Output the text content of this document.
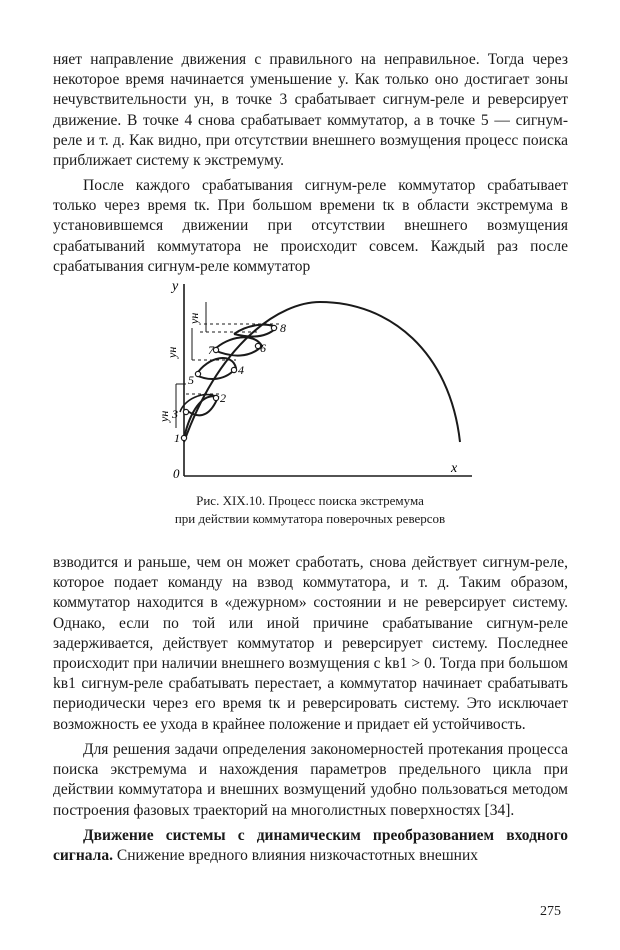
няет направление движения с правильного на неправильное. Тогда через некоторое время начинается уменьшение y. Как только оно достигает зоны нечувствительности yн, в точке 3 срабатывает сигнум-реле и реверсирует движение. В точке 4 снова срабатывает коммутатор, а в точке 5 — сигнум-реле и т. д. Как видно, при отсутствии внешнего возмущения процесс поиска приближает систему к экстремуму.

После каждого срабатывания сигнум-реле коммутатор срабатывает только через время tк. При большом времени tк в области экстремума в установившемся движении при отсутствии внешнего возмущения срабатываний коммутатора не происходит совсем. Каждый раз после срабатывания сигнум-реле коммутатор

y
x
0
yн
yн
yн
1
2
3
4
5
6
7
8
Рис. XIX.10. Процесс поиска экстремума
при действии коммутатора поверочных реверсов

взводится и раньше, чем он может сработать, снова действует сигнум-реле, которое подает команду на взвод коммутатора, и т. д. Таким образом, коммутатор находится в «дежурном» состоянии и не реверсирует систему. Однако, если по той или иной причине срабатывание сигнум-реле задерживается, действует коммутатор и реверсирует систему. Последнее происходит при наличии внешнего возмущения с kв1 > 0. Тогда при большом kв1 сигнум-реле срабатывать перестает, а коммутатор начинает срабатывать периодически через его время tк и реверсировать систему. Это исключает возможность ее ухода в крайнее положение и придает ей устойчивость.

Для решения задачи определения закономерностей протекания процесса поиска экстремума и нахождения параметров предельного цикла при действии коммутатора и внешних возмущений удобно пользоваться методом построения фазовых траекторий на многолистных поверхностях [34].

Движение системы с динамическим преобразованием входного сигнала. Снижение вредного влияния низкочастотных внешних

275
